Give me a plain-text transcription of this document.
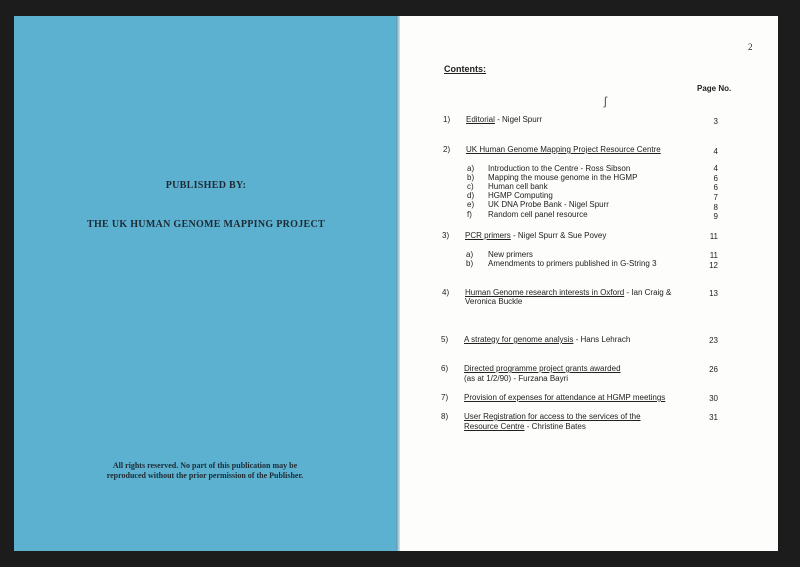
PUBLISHED BY:
THE UK HUMAN GENOME MAPPING PROJECT
All rights reserved. No part of this publication may be
reproduced without the prior permission of the Publisher.
2
Contents:
Page No.
ʃ
1) Editorial - Nigel Spurr	3
2) UK Human Genome Mapping Project Resource Centre	4
a) Introduction to the Centre - Ross Sibson	4
b) Mapping the mouse genome in the HGMP	6
c) Human cell bank	6
d) HGMP Computing	7
e) UK DNA Probe Bank - Nigel Spurr	8
f) Random cell panel resource	9
3) PCR primers - Nigel Spurr & Sue Povey	11
a) New primers	11
b) Amendments to primers published in G-String 3	12
4) Human Genome research interests in Oxford - Ian Craig &
Veronica Buckle
13
5) A strategy for genome analysis - Hans Lehrach	23
6) Directed programme project grants awarded
(as at 1/2/90) - Furzana Bayri
26
7) Provision of expenses for attendance at HGMP meetings	30
8) User Registration for access to the services of the
Resource Centre - Christine Bates
31
